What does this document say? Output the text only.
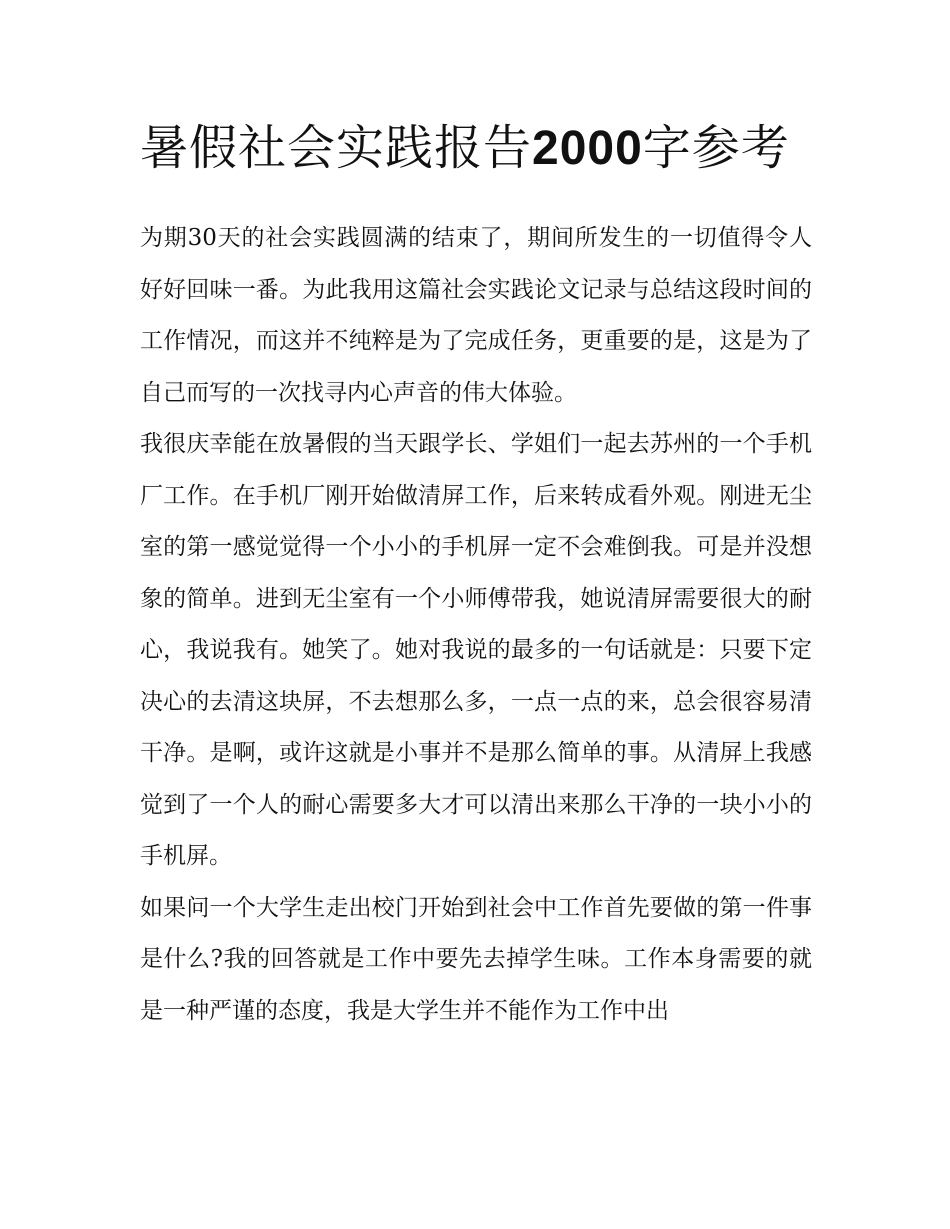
暑假社会实践报告2000字参考

为期30天的社会实践圆满的结束了，期间所发生的一切值得令人好好回味一番。为此我用这篇社会实践论文记录与总结这段时间的工作情况，而这并不纯粹是为了完成任务，更重要的是，这是为了自己而写的一次找寻内心声音的伟大体验。

我很庆幸能在放暑假的当天跟学长、学姐们一起去苏州的一个手机厂工作。在手机厂刚开始做清屏工作，后来转成看外观。刚进无尘室的第一感觉觉得一个小小的手机屏一定不会难倒我。可是并没想象的简单。进到无尘室有一个小师傅带我，她说清屏需要很大的耐心，我说我有。她笑了。她对我说的最多的一句话就是：只要下定决心的去清这块屏，不去想那么多，一点一点的来，总会很容易清干净。是啊，或许这就是小事并不是那么简单的事。从清屏上我感觉到了一个人的耐心需要多大才可以清出来那么干净的一块小小的手机屏。

如果问一个大学生走出校门开始到社会中工作首先要做的第一件事是什么?我的回答就是工作中要先去掉学生味。工作本身需要的就是一种严谨的态度，我是大学生并不能作为工作中出
